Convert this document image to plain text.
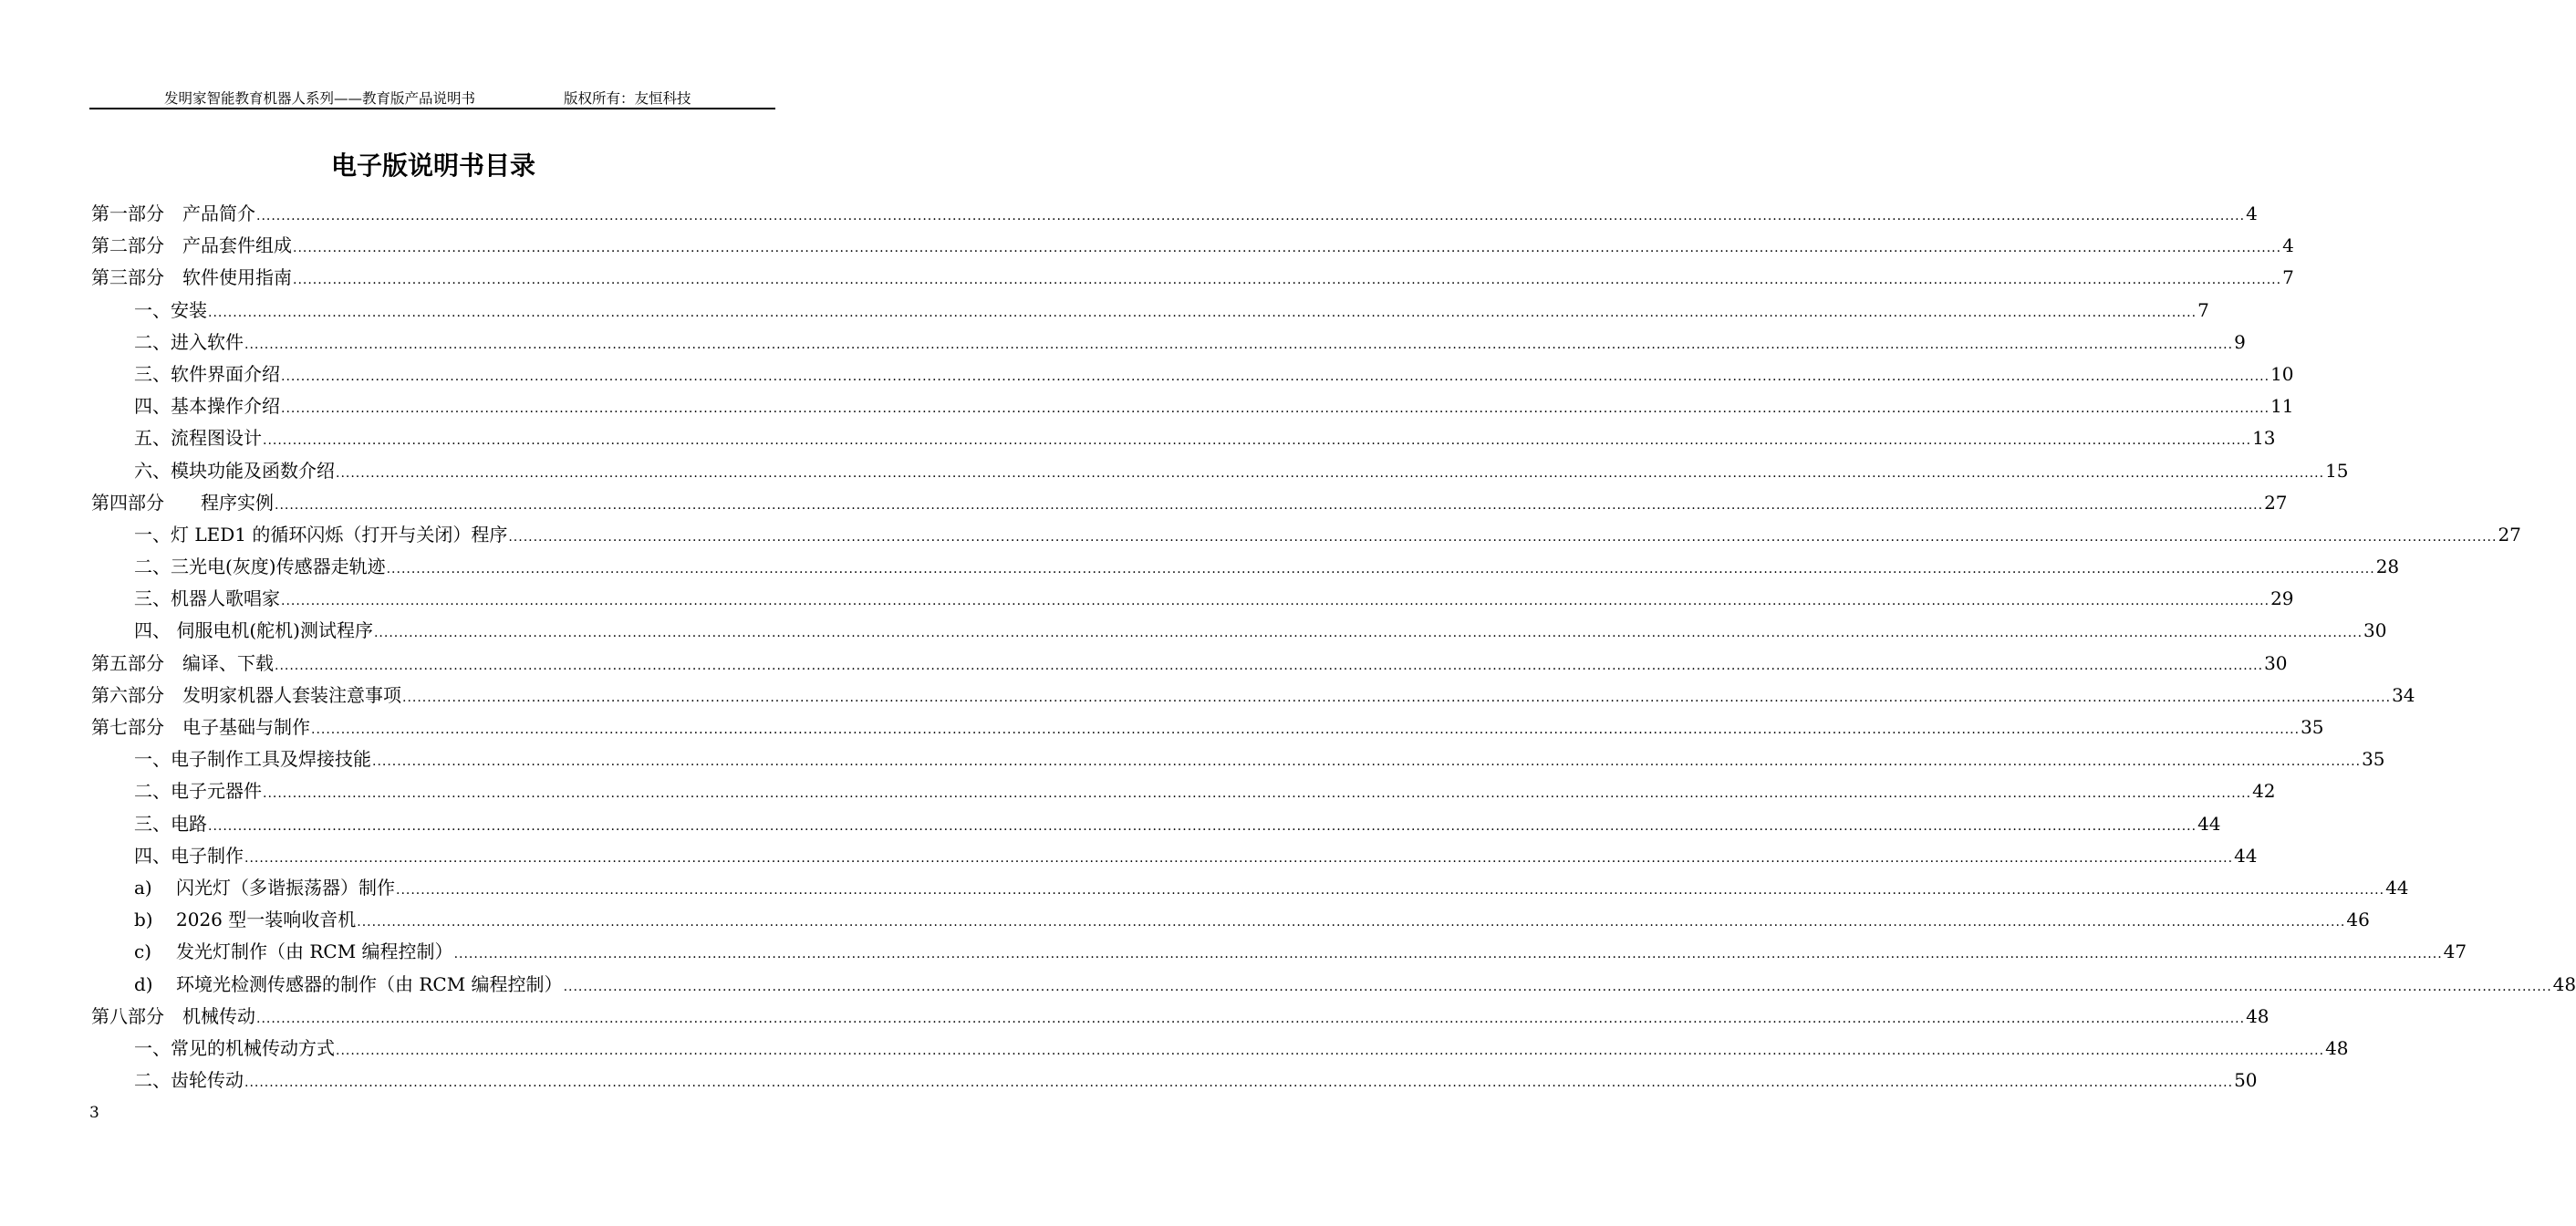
发明家智能教育机器人系列——教育版产品说明书	版权所有：友恒科技
电子版说明书目录
第一部分　产品简介 ................................................................................................................................................................................................................................................................................................................................................................................................................ 4
第二部分　产品套件组成 ................................................................................................................................................................................................................................................................................................................................................................................................................ 4
第三部分　软件使用指南 ................................................................................................................................................................................................................................................................................................................................................................................................................ 7
一、安装 ................................................................................................................................................................................................................................................................................................................................................................................................................ 7
二、进入软件 ................................................................................................................................................................................................................................................................................................................................................................................................................ 9
三、软件界面介绍 ................................................................................................................................................................................................................................................................................................................................................................................................................ 10
四、基本操作介绍 ................................................................................................................................................................................................................................................................................................................................................................................................................ 11
五、流程图设计 ................................................................................................................................................................................................................................................................................................................................................................................................................ 13
六、模块功能及函数介绍 ................................................................................................................................................................................................................................................................................................................................................................................................................ 15
第四部分　　程序实例 ................................................................................................................................................................................................................................................................................................................................................................................................................ 27
一、灯 LED1 的循环闪烁（打开与关闭）程序 ................................................................................................................................................................................................................................................................................................................................................................................................................ 27
二、三光电(灰度)传感器走轨迹 ................................................................................................................................................................................................................................................................................................................................................................................................................ 28
三、机器人歌唱家 ................................................................................................................................................................................................................................................................................................................................................................................................................ 29
四、 伺服电机(舵机)测试程序 ................................................................................................................................................................................................................................................................................................................................................................................................................ 30
第五部分　编译、下载 ................................................................................................................................................................................................................................................................................................................................................................................................................ 30
第六部分　发明家机器人套装注意事项 ................................................................................................................................................................................................................................................................................................................................................................................................................ 34
第七部分　电子基础与制作 ................................................................................................................................................................................................................................................................................................................................................................................................................ 35
一、电子制作工具及焊接技能 ................................................................................................................................................................................................................................................................................................................................................................................................................ 35
二、电子元器件 ................................................................................................................................................................................................................................................................................................................................................................................................................ 42
三、电路 ................................................................................................................................................................................................................................................................................................................................................................................................................ 44
四、电子制作 ................................................................................................................................................................................................................................................................................................................................................................................................................ 44
a)	闪光灯（多谐振荡器）制作 ................................................................................................................................................................................................................................................................................................................................................................................................................ 44
b)	2026 型一装响收音机 ................................................................................................................................................................................................................................................................................................................................................................................................................ 46
c)	发光灯制作（由 RCM 编程控制） ................................................................................................................................................................................................................................................................................................................................................................................................................ 47
d)	环境光检测传感器的制作（由 RCM 编程控制） ................................................................................................................................................................................................................................................................................................................................................................................................................ 48
第八部分　机械传动 ................................................................................................................................................................................................................................................................................................................................................................................................................ 48
一、常见的机械传动方式 ................................................................................................................................................................................................................................................................................................................................................................................................................ 48
二、齿轮传动 ................................................................................................................................................................................................................................................................................................................................................................................................................ 50
3
